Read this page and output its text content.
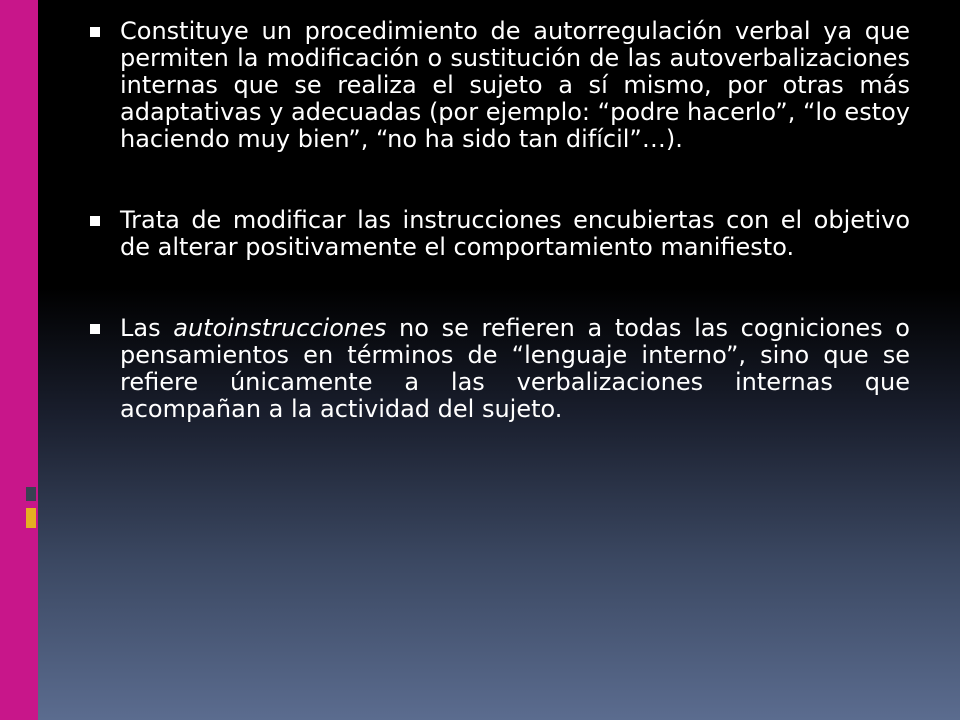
Constituye un procedimiento de autorregulación verbal ya que permiten la modificación o sustitución de las autoverbalizaciones internas que se realiza el sujeto a sí mismo, por otras más adaptativas y adecuadas (por ejemplo: “podre hacerlo”, “lo estoy haciendo muy bien”, “no ha sido tan difícil”…).
Trata de modificar las instrucciones encubiertas con el objetivo de alterar positivamente el comportamiento manifiesto.
Las autoinstrucciones no se refieren a todas las cogniciones o pensamientos en términos de “lenguaje interno”, sino que se refiere únicamente a las verbalizaciones internas que acompañan a la actividad del sujeto.
